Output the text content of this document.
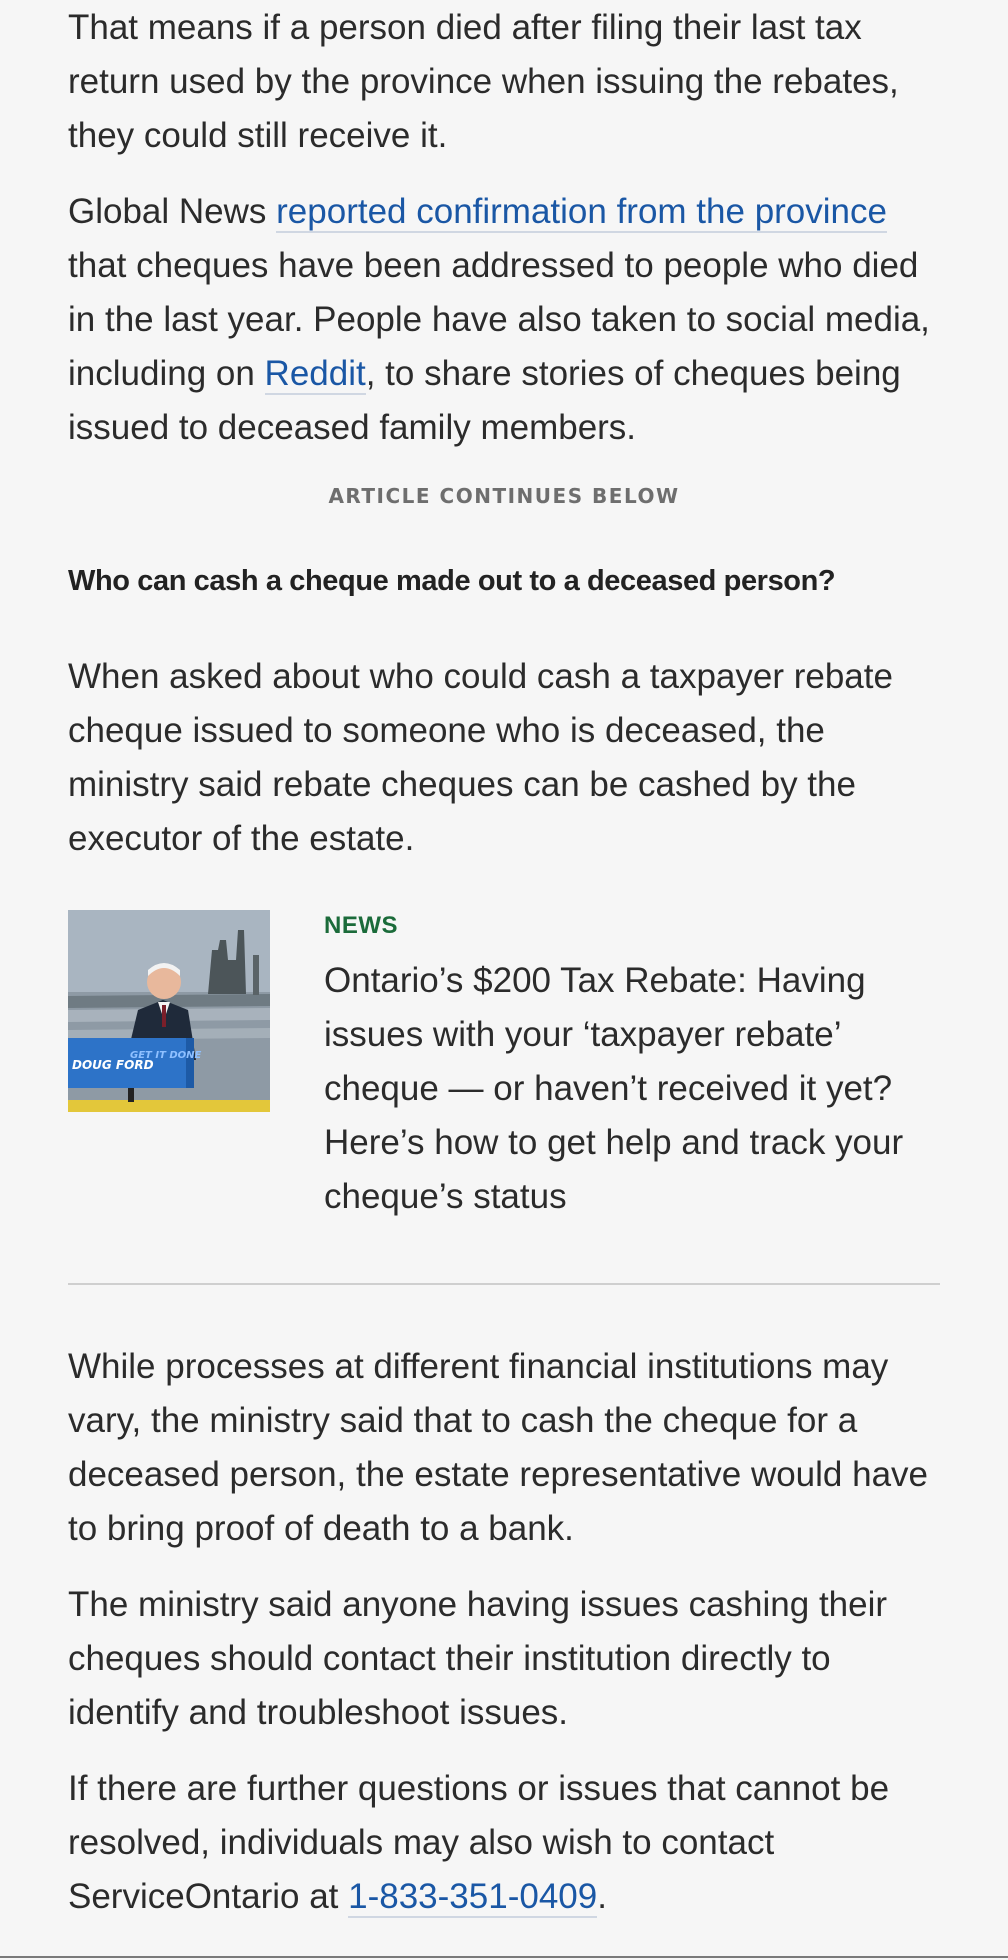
That means if a person died after filing their last tax return used by the province when issuing the rebates, they could still receive it.

Global News reported confirmation from the province that cheques have been addressed to people who died in the last year. People have also taken to social media, including on Reddit, to share stories of cheques being issued to deceased family members.

ARTICLE CONTINUES BELOW
Who can cash a cheque made out to a deceased person?

When asked about who could cash a taxpayer rebate cheque issued to someone who is deceased, the ministry said rebate cheques can be cashed by the executor of the estate.

DOUG FORD
GET IT DONE
NEWS
Ontario’s $200 Tax Rebate: Having issues with your ‘taxpayer rebate’ cheque — or haven’t received it yet? Here’s how to get help and track your cheque’s status

While processes at different financial institutions may vary, the ministry said that to cash the cheque for a deceased person, the estate representative would have to bring proof of death to a bank.

The ministry said anyone having issues cashing their cheques should contact their institution directly to identify and troubleshoot issues.

If there are further questions or issues that cannot be resolved, individuals may also wish to contact ServiceOntario at 1-833-351-0409.
